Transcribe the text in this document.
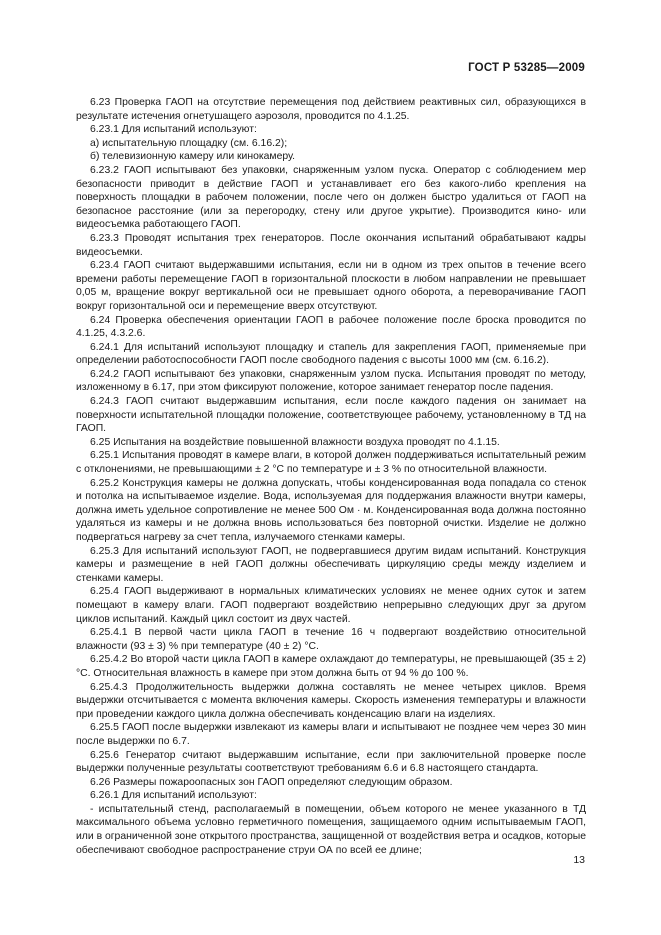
ГОСТ Р 53285—2009

6.23 Проверка ГАОП на отсутствие перемещения под действием реактивных сил, образующихся в результате истечения огнетушащего аэрозоля, проводится по 4.1.25.

6.23.1 Для испытаний используют:

а) испытательную площадку (см. 6.16.2);

б) телевизионную камеру или кинокамеру.

6.23.2 ГАОП испытывают без упаковки, снаряженным узлом пуска. Оператор с соблюдением мер безопасности приводит в действие ГАОП и устанавливает его без какого-либо крепления на поверхность площадки в рабочем положении, после чего он должен быстро удалиться от ГАОП на безопасное расстояние (или за перегородку, стену или другое укрытие). Производится кино- или видеосъемка работающего ГАОП.

6.23.3 Проводят испытания трех генераторов. После окончания испытаний обрабатывают кадры видеосъемки.

6.23.4 ГАОП считают выдержавшими испытания, если ни в одном из трех опытов в течение всего времени работы перемещение ГАОП в горизонтальной плоскости в любом направлении не превышает 0,05 м, вращение вокруг вертикальной оси не превышает одного оборота, а переворачивание ГАОП вокруг горизонтальной оси и перемещение вверх отсутствуют.

6.24 Проверка обеспечения ориентации ГАОП в рабочее положение после броска проводится по 4.1.25, 4.3.2.6.

6.24.1 Для испытаний используют площадку и стапель для закрепления ГАОП, применяемые при определении работоспособности ГАОП после свободного падения с высоты 1000 мм (см. 6.16.2).

6.24.2 ГАОП испытывают без упаковки, снаряженным узлом пуска. Испытания проводят по методу, изложенному в 6.17, при этом фиксируют положение, которое занимает генератор после падения.

6.24.3 ГАОП считают выдержавшим испытания, если после каждого падения он занимает на поверхности испытательной площадки положение, соответствующее рабочему, установленному в ТД на ГАОП.

6.25 Испытания на воздействие повышенной влажности воздуха проводят по 4.1.15.

6.25.1 Испытания проводят в камере влаги, в которой должен поддерживаться испытательный режим с отклонениями, не превышающими ± 2 °С по температуре и ± 3 % по относительной влажности.

6.25.2 Конструкция камеры не должна допускать, чтобы конденсированная вода попадала со стенок и потолка на испытываемое изделие. Вода, используемая для поддержания влажности внутри камеры, должна иметь удельное сопротивление не менее 500 Ом · м. Конденсированная вода должна постоянно удаляться из камеры и не должна вновь использоваться без повторной очистки. Изделие не должно подвергаться нагреву за счет тепла, излучаемого стенками камеры.

6.25.3 Для испытаний используют ГАОП, не подвергавшиеся другим видам испытаний. Конструкция камеры и размещение в ней ГАОП должны обеспечивать циркуляцию среды между изделием и стенками камеры.

6.25.4 ГАОП выдерживают в нормальных климатических условиях не менее одних суток и затем помещают в камеру влаги. ГАОП подвергают воздействию непрерывно следующих друг за другом циклов испытаний. Каждый цикл состоит из двух частей.

6.25.4.1 В первой части цикла ГАОП в течение 16 ч подвергают воздействию относительной влажности (93 ± 3) % при температуре (40 ± 2) °С.

6.25.4.2 Во второй части цикла ГАОП в камере охлаждают до температуры, не превышающей (35 ± 2) °С. Относительная влажность в камере при этом должна быть от 94 % до 100 %.

6.25.4.3 Продолжительность выдержки должна составлять не менее четырех циклов. Время выдержки отсчитывается с момента включения камеры. Скорость изменения температуры и влажности при проведении каждого цикла должна обеспечивать конденсацию влаги на изделиях.

6.25.5 ГАОП после выдержки извлекают из камеры влаги и испытывают не позднее чем через 30 мин после выдержки по 6.7.

6.25.6 Генератор считают выдержавшим испытание, если при заключительной проверке после выдержки полученные результаты соответствуют требованиям 6.6 и 6.8 настоящего стандарта.

6.26 Размеры пожароопасных зон ГАОП определяют следующим образом.

6.26.1 Для испытаний используют:

- испытательный стенд, располагаемый в помещении, объем которого не менее указанного в ТД максимального объема условно герметичного помещения, защищаемого одним испытываемым ГАОП, или в ограниченной зоне открытого пространства, защищенной от воздействия ветра и осадков, которые обеспечивают свободное распространение струи ОА по всей ее длине;

13
